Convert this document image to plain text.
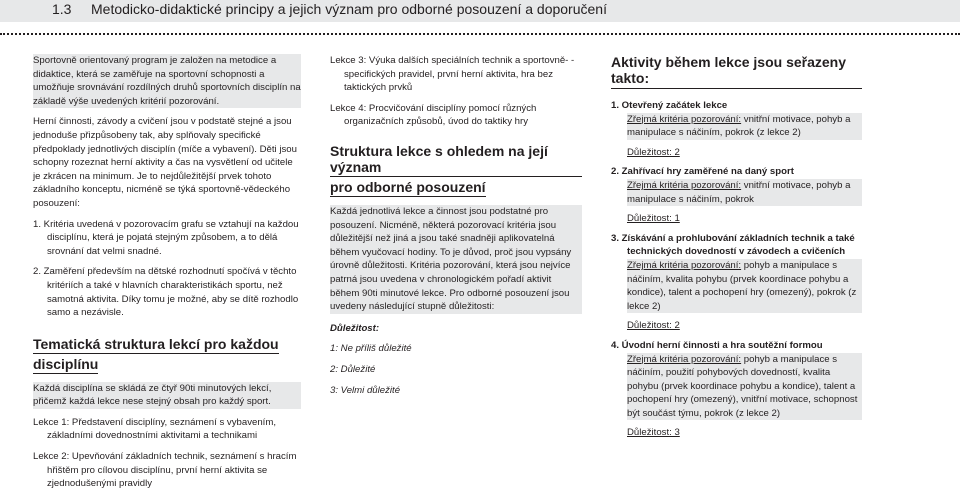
1.3 Metodicko-didaktické principy a jejich význam pro odborné posouzení a doporučení

Sportovně orientovaný program je založen na metodice a didaktice, která se zaměřuje na sportovní schopnosti a umožňuje srovnávání rozdílných druhů sportovních disciplín na základě výše uvedených kritérií pozorování.

Herní činnosti, závody a cvičení jsou v podstatě stejné a jsou jednoduše přizpůsobeny tak, aby splňovaly specifické předpoklady jednotlivých disciplín (míče a vybavení). Děti jsou schopny rozeznat herní aktivity a čas na vysvětlení od učitele je zkrácen na minimum. Je to nejdůležitější prvek tohoto základního konceptu, nicméně se týká sportovně-vědeckého posouzení:

1. Kritéria uvedená v pozorovacím grafu se vztahují na každou disciplínu, která je pojatá stejným způsobem, a to dělá srovnání dat velmi snadné.

2. Zaměření především na dětské rozhodnutí spočívá v těchto kritériích a také v hlavních charakteristikách sportu, než samotná aktivita. Díky tomu je možné, aby se dítě rozhodlo samo a nezávisle.

Tematická struktura lekcí pro každou
disciplínu

Každá disciplína se skládá ze čtyř 90ti minutových lekcí, přičemž každá lekce nese stejný obsah pro každý sport.

Lekce 1: Představení disciplíny, seznámení s vybavením, základními dovednostními aktivitami a technikami

Lekce 2: Upevňování základních technik, seznámení s hracím hřištěm pro cílovou disciplínu, první herní aktivita se zjednodušenými pravidly

Lekce 3: Výuka dalších speciálních technik a sportovně- -specifických pravidel, první herní aktivita, hra bez taktických prvků

Lekce 4: Procvičování disciplíny pomocí různých organizačních způsobů, úvod do taktiky hry

Struktura lekce s ohledem na její význam
pro odborné posouzení

Každá jednotlivá lekce a činnost jsou podstatné pro posouzení. Nicméně, některá pozorovací kritéria jsou důležitější než jiná a jsou také snadněji aplikovatelná během vyučovací hodiny. To je důvod, proč jsou vypsány úrovně důležitosti. Kritéria pozorování, která jsou nejvíce patrná jsou uvedena v chronologickém pořadí aktivit během 90ti minutové lekce. Pro odborné posouzení jsou uvedeny následující stupně důležitosti:

Důležitost:

1: Ne příliš důležité

2: Důležité

3: Velmi důležité

Aktivity během lekce jsou seřazeny takto:
1. Otevřený začátek lekce
Zřejmá kritéria pozorování: vnitřní motivace, pohyb a manipulace s náčiním, pokrok (z lekce 2)
Důležitost: 2
2. Zahřívací hry zaměřené na daný sport
Zřejmá kritéria pozorování: vnitřní motivace, pohyb a manipulace s náčiním, pokrok
Důležitost: 1
3. Získávání a prohlubování základních technik a také technických dovedností v závodech a cvičeních
Zřejmá kritéria pozorování: pohyb a manipulace s náčiním, kvalita pohybu (prvek koordinace pohybu a kondice), talent a pochopení hry (omezený), pokrok (z lekce 2)
Důležitost: 2
4. Úvodní herní činnosti a hra soutěžní formou
Zřejmá kritéria pozorování: pohyb a manipulace s náčiním, použití pohybových dovedností, kvalita pohybu (prvek koordinace pohybu a kondice), talent a pochopení hry (omezený), vnitřní motivace, schopnost být součást týmu, pokrok (z lekce 2)
Důležitost: 3
